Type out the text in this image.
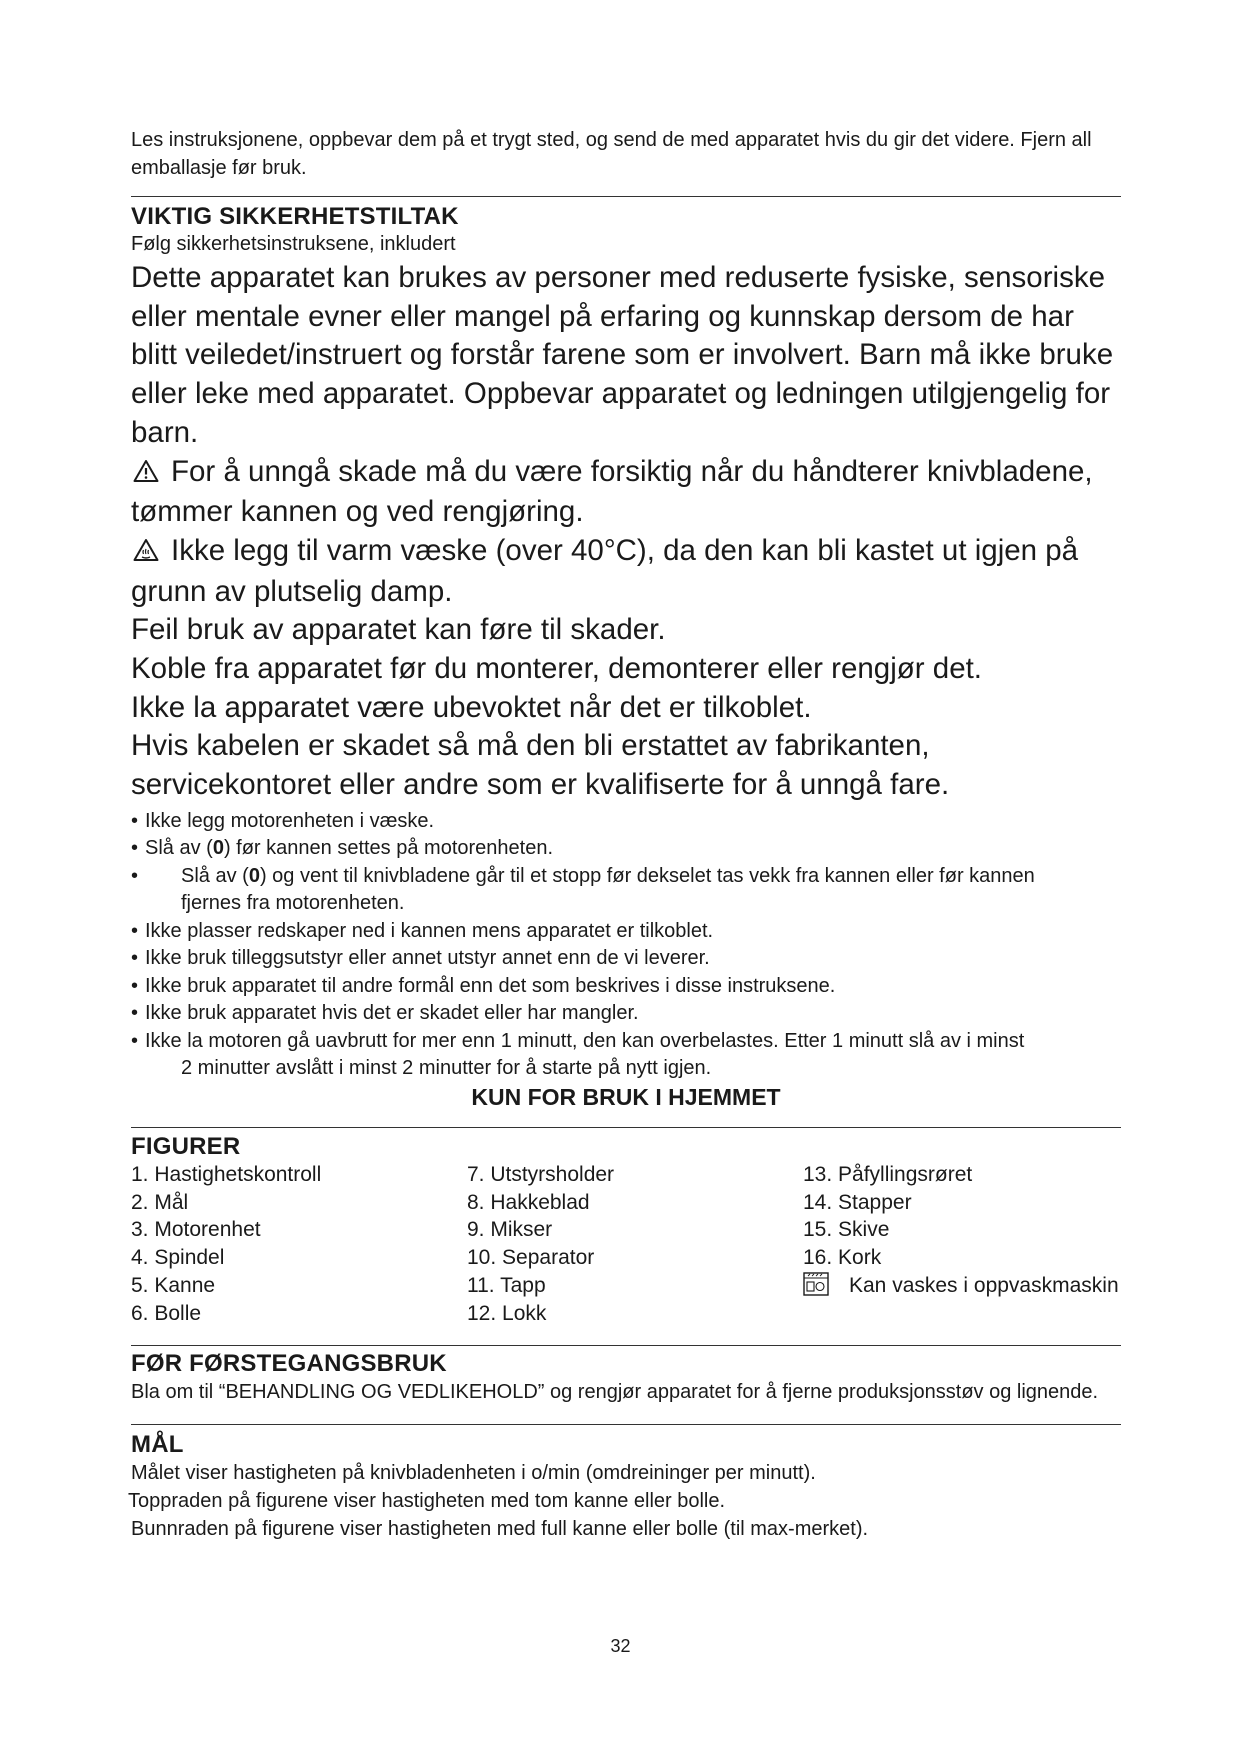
Les instruksjonene, oppbevar dem på et trygt sted, og send de med apparatet hvis du gir det videre. Fjern all emballasje før bruk.

VIKTIG SIKKERHETSTILTAK

Følg sikkerhetsinstruksene, inkludert

Dette apparatet kan brukes av personer med reduserte fysiske, sensoriske eller mentale evner eller mangel på erfaring og kunnskap dersom de har blitt veiledet/instruert og forstår farene som er involvert. Barn må ikke bruke eller leke med apparatet. Oppbevar apparatet og ledningen utilgjengelig for barn.

For å unngå skade må du være forsiktig når du håndterer knivbladene, tømmer kannen og ved rengjøring.

Ikke legg til varm væske (over 40°C), da den kan bli kastet ut igjen på grunn av plutselig damp.

Feil bruk av apparatet kan føre til skader.

Koble fra apparatet før du monterer, demonterer eller rengjør det.

Ikke la apparatet være ubevoktet når det er tilkoblet.

Hvis kabelen er skadet så må den bli erstattet av fabrikanten, servicekontoret eller andre som er kvalifiserte for å unngå fare.

• Ikke legg motorenheten i væske.
• Slå av (0) før kannen settes på motorenheten.
• Slå av (0) og vent til knivbladene går til et stopp før dekselet tas vekk fra kannen eller før kannen
fjernes fra motorenheten.
• Ikke plasser redskaper ned i kannen mens apparatet er tilkoblet.
• Ikke bruk tilleggsutstyr eller annet utstyr annet enn de vi leverer.
• Ikke bruk apparatet til andre formål enn det som beskrives i disse instruksene.
• Ikke bruk apparatet hvis det er skadet eller har mangler.
• Ikke la motoren gå uavbrutt for mer enn 1 minutt, den kan overbelastes. Etter 1 minutt slå av i minst
2 minutter avslått i minst 2 minutter for å starte på nytt igjen.

KUN FOR BRUK I HJEMMET

FIGURER
1. Hastighetskontroll
2. Mål
3. Motorenhet
4. Spindel
5. Kanne
6. Bolle
7. Utstyrsholder
8. Hakkeblad
9. Mikser
10. Separator
11. Tapp
12. Lokk
13. Påfyllingsrøret
14. Stapper
15. Skive
16. Kork
Kan vaskes i oppvaskmaskin
FØR FØRSTEGANGSBRUK

Bla om til “BEHANDLING OG VEDLIKEHOLD” og rengjør apparatet for å fjerne produksjonsstøv og lignende.

MÅL

Målet viser hastigheten på knivbladenheten i o/min (omdreininger per minutt).

Toppraden på figurene viser hastigheten med tom kanne eller bolle.

Bunnraden på figurene viser hastigheten med full kanne eller bolle (til max-merket).

32
